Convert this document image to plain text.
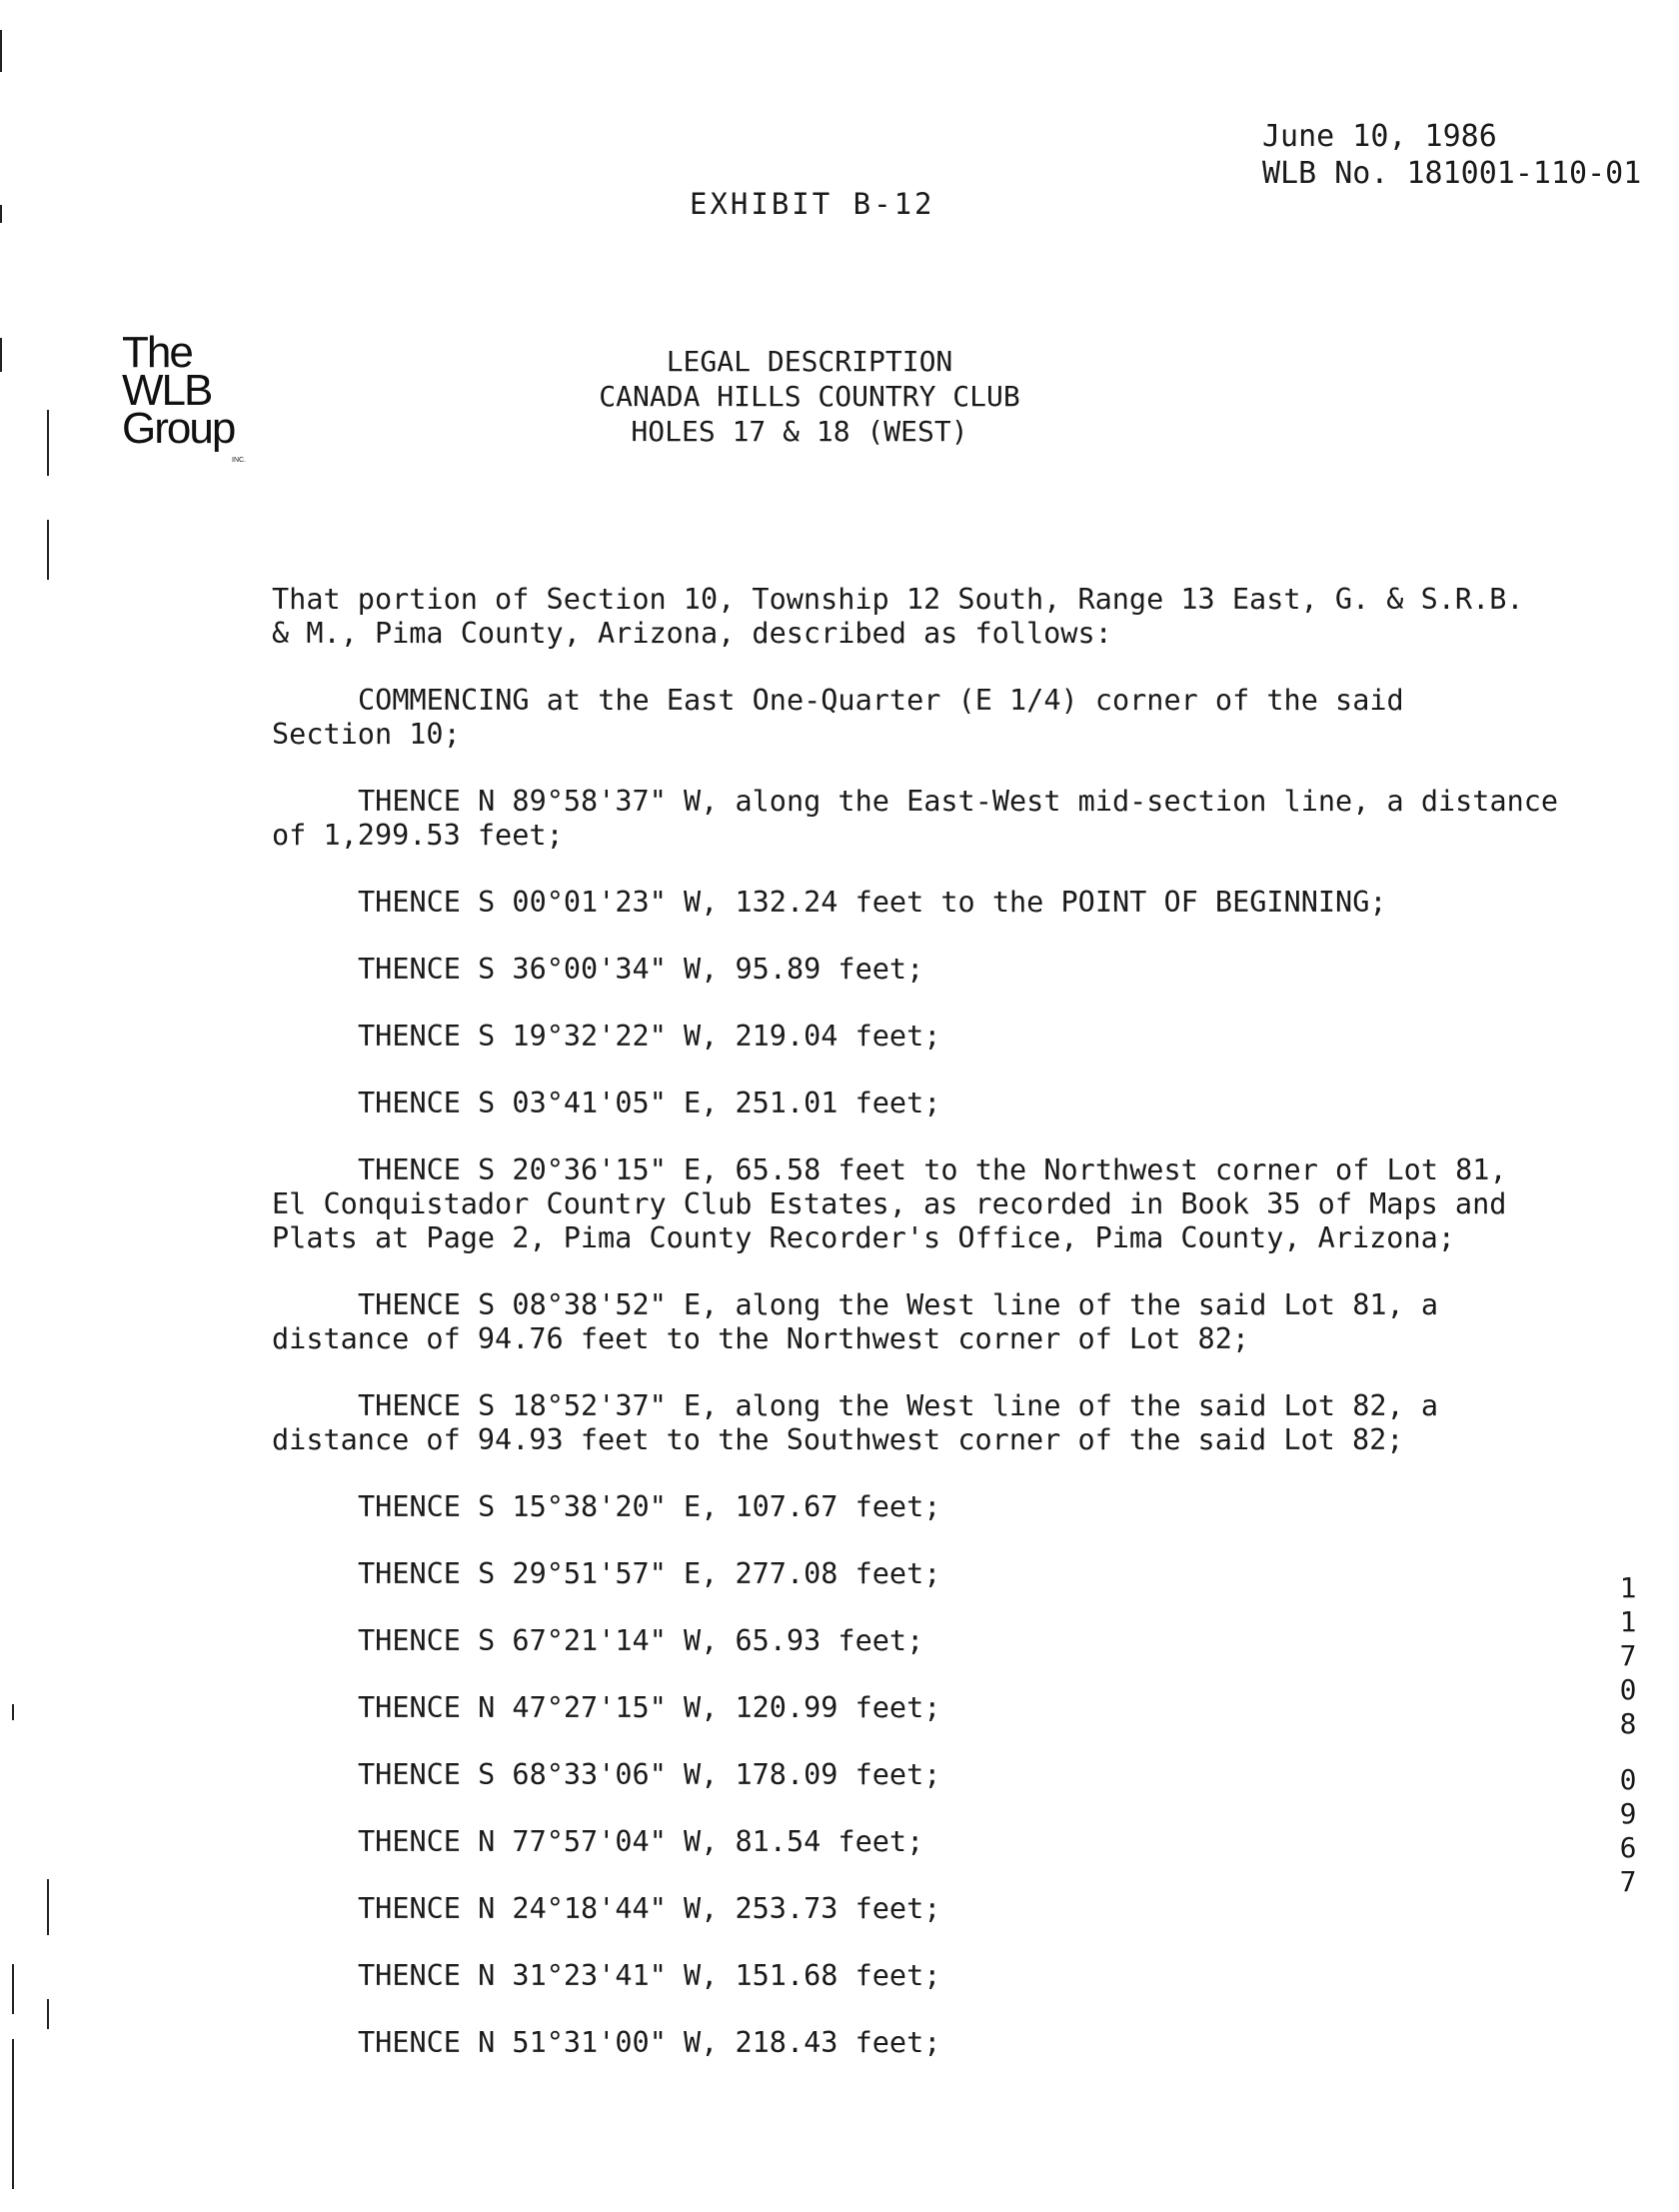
June 10, 1986
WLB No. 181001-110-01
EXHIBIT B-12
The
WLB
Group
INC.
LEGAL DESCRIPTION
CANADA HILLS COUNTRY CLUB
HOLES 17 & 18 (WEST)
That portion of Section 10, Township 12 South, Range 13 East, G. & S.R.B.
& M., Pima County, Arizona, described as follows:
COMMENCING at the East One-Quarter (E 1/4) corner of the said
Section 10;
THENCE N 89°58'37" W, along the East-West mid-section line, a distance
of 1,299.53 feet;
THENCE S 00°01'23" W, 132.24 feet to the POINT OF BEGINNING;
THENCE S 36°00'34" W, 95.89 feet;
THENCE S 19°32'22" W, 219.04 feet;
THENCE S 03°41'05" E, 251.01 feet;
THENCE S 20°36'15" E, 65.58 feet to the Northwest corner of Lot 81,
El Conquistador Country Club Estates, as recorded in Book 35 of Maps and
Plats at Page 2, Pima County Recorder's Office, Pima County, Arizona;
THENCE S 08°38'52" E, along the West line of the said Lot 81, a
distance of 94.76 feet to the Northwest corner of Lot 82;
THENCE S 18°52'37" E, along the West line of the said Lot 82, a
distance of 94.93 feet to the Southwest corner of the said Lot 82;
THENCE S 15°38'20" E, 107.67 feet;
THENCE S 29°51'57" E, 277.08 feet;
THENCE S 67°21'14" W, 65.93 feet;
THENCE N 47°27'15" W, 120.99 feet;
THENCE S 68°33'06" W, 178.09 feet;
THENCE N 77°57'04" W, 81.54 feet;
THENCE N 24°18'44" W, 253.73 feet;
THENCE N 31°23'41" W, 151.68 feet;
THENCE N 51°31'00" W, 218.43 feet;
1
1
7
0
8
0
9
6
7
